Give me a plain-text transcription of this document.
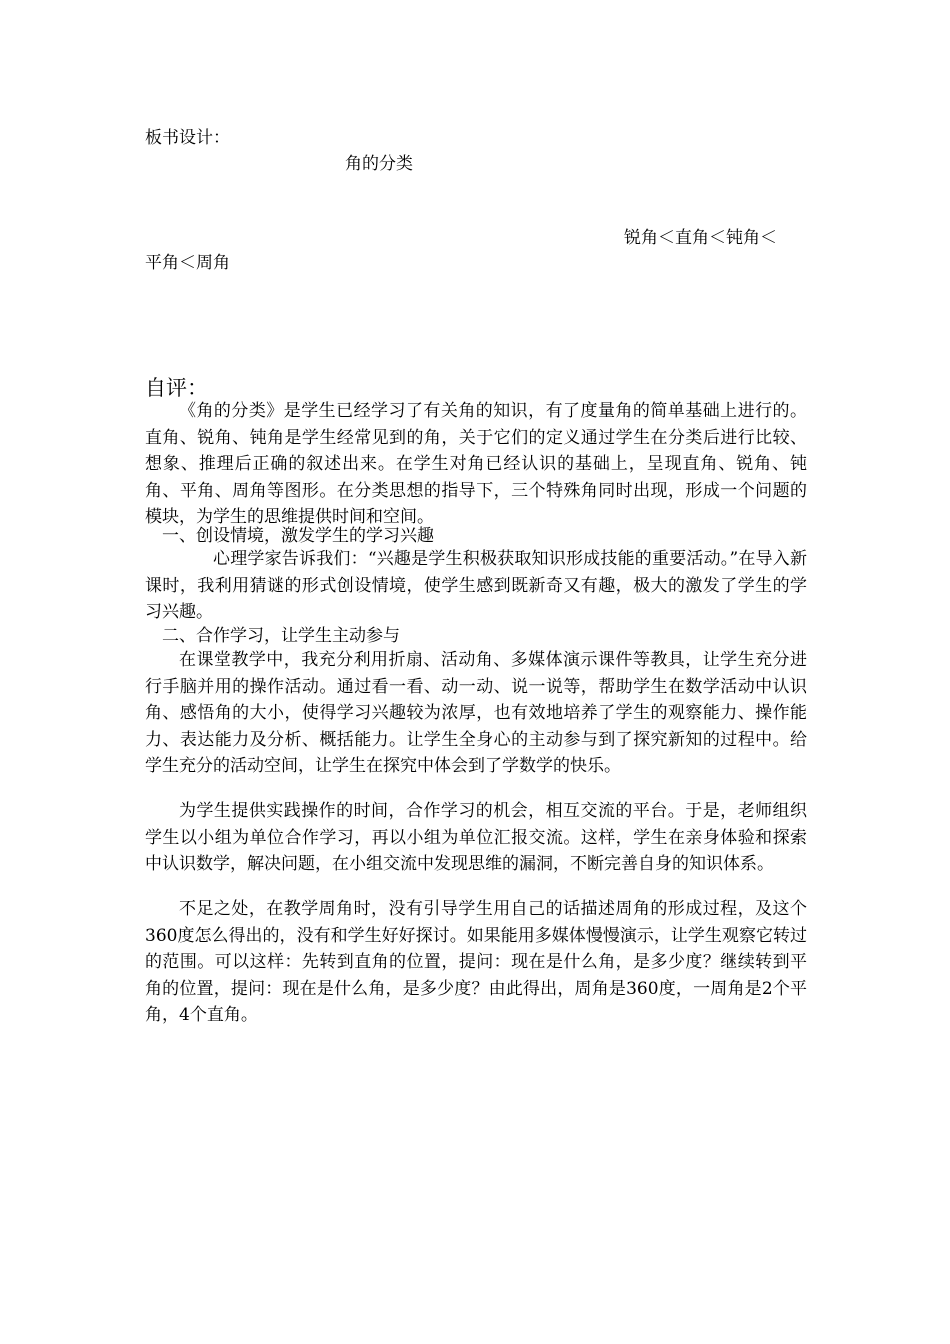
板书设计：
角的分类
锐角＜直角＜钝角＜
平角＜周角
自评：
《角的分类》是学生已经学习了有关角的知识，有了度量角的简单基础上进行的。直角、锐角、钝角是学生经常见到的角，关于它们的定义通过学生在分类后进行比较、想象、推理后正确的叙述出来。在学生对角已经认识的基础上，呈现直角、锐角、钝角、平角、周角等图形。在分类思想的指导下，三个特殊角同时出现，形成一个问题的模块，为学生的思维提供时间和空间。
一、创设情境，激发学生的学习兴趣
心理学家告诉我们：“兴趣是学生积极获取知识形成技能的重要活动。”在导入新课时，我利用猜谜的形式创设情境，使学生感到既新奇又有趣，极大的激发了学生的学习兴趣。
二、合作学习，让学生主动参与
在课堂教学中，我充分利用折扇、活动角、多媒体演示课件等教具，让学生充分进行手脑并用的操作活动。通过看一看、动一动、说一说等，帮助学生在数学活动中认识角、感悟角的大小，使得学习兴趣较为浓厚，也有效地培养了学生的观察能力、操作能力、表达能力及分析、概括能力。让学生全身心的主动参与到了探究新知的过程中。给学生充分的活动空间，让学生在探究中体会到了学数学的快乐。
为学生提供实践操作的时间，合作学习的机会，相互交流的平台。于是，老师组织学生以小组为单位合作学习，再以小组为单位汇报交流。这样，学生在亲身体验和探索中认识数学，解决问题，在小组交流中发现思维的漏洞，不断完善自身的知识体系。
不足之处，在教学周角时，没有引导学生用自己的话描述周角的形成过程，及这个360度怎么得出的，没有和学生好好探讨。如果能用多媒体慢慢演示，让学生观察它转过的范围。可以这样：先转到直角的位置，提问：现在是什么角，是多少度？继续转到平角的位置，提问：现在是什么角，是多少度？由此得出，周角是360度，一周角是2个平角，4个直角。
